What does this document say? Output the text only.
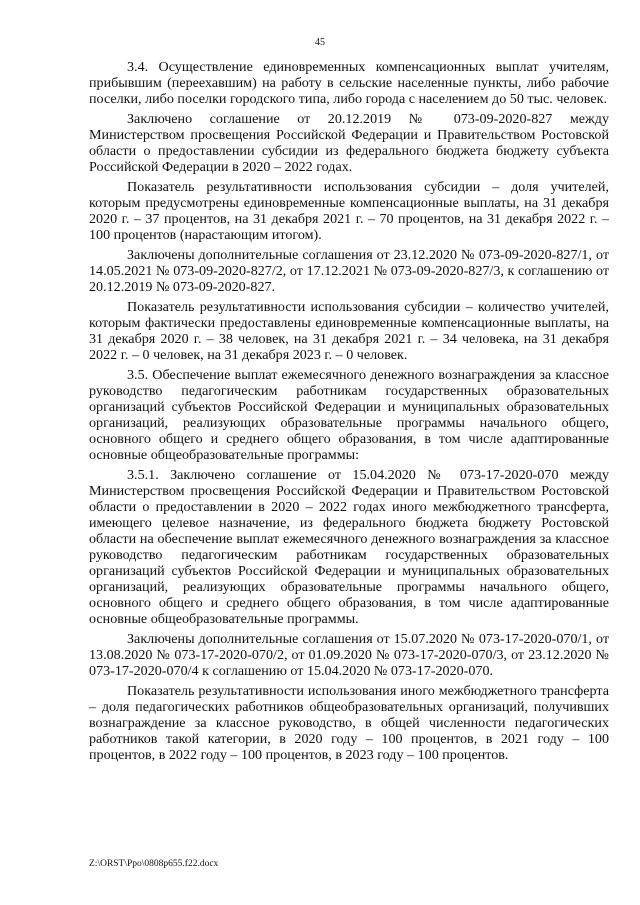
45

3.4. Осуществление единовременных компенсационных выплат учителям, прибывшим (переехавшим) на работу в сельские населенные пункты, либо рабочие поселки, либо поселки городского типа, либо города с населением до 50 тыс. человек.

Заключено соглашение от 20.12.2019 № 073-09-2020-827 между Министерством просвещения Российской Федерации и Правительством Ростовской области о предоставлении субсидии из федерального бюджета бюджету субъекта Российской Федерации в 2020 – 2022 годах.

Показатель результативности использования субсидии – доля учителей, которым предусмотрены единовременные компенсационные выплаты, на 31 декабря 2020 г. – 37 процентов, на 31 декабря 2021 г. – 70 процентов, на 31 декабря 2022 г. – 100 процентов (нарастающим итогом).

Заключены дополнительные соглашения от 23.12.2020 № 073-09-2020-827/1, от 14.05.2021 № 073-09-2020-827/2, от 17.12.2021 № 073-09-2020-827/3, к соглашению от 20.12.2019 № 073-09-2020-827.

Показатель результативности использования субсидии – количество учителей, которым фактически предоставлены единовременные компенсационные выплаты, на 31 декабря 2020 г. – 38 человек, на 31 декабря 2021 г. – 34 человека, на 31 декабря 2022 г. – 0 человек, на 31 декабря 2023 г. – 0 человек.

3.5. Обеспечение выплат ежемесячного денежного вознаграждения за классное руководство педагогическим работникам государственных образовательных организаций субъектов Российской Федерации и муниципальных образовательных организаций, реализующих образовательные программы начального общего, основного общего и среднего общего образования, в том числе адаптированные основные общеобразовательные программы:

3.5.1. Заключено соглашение от 15.04.2020 № 073-17-2020-070 между Министерством просвещения Российской Федерации и Правительством Ростовской области о предоставлении в 2020 – 2022 годах иного межбюджетного трансферта, имеющего целевое назначение, из федерального бюджета бюджету Ростовской области на обеспечение выплат ежемесячного денежного вознаграждения за классное руководство педагогическим работникам государственных образовательных организаций субъектов Российской Федерации и муниципальных образовательных организаций, реализующих образовательные программы начального общего, основного общего и среднего общего образования, в том числе адаптированные основные общеобразовательные программы.

Заключены дополнительные соглашения от 15.07.2020 № 073-17-2020-070/1, от 13.08.2020 № 073-17-2020-070/2, от 01.09.2020 № 073-17-2020-070/3, от 23.12.2020 № 073-17-2020-070/4 к соглашению от 15.04.2020 № 073-17-2020-070.

Показатель результативности использования иного межбюджетного трансферта – доля педагогических работников общеобразовательных организаций, получивших вознаграждение за классное руководство, в общей численности педагогических работников такой категории, в 2020 году – 100 процентов, в 2021 году – 100 процентов, в 2022 году – 100 процентов, в 2023 году – 100 процентов.

Z:\ORST\Ppo\0808p655.f22.docx
